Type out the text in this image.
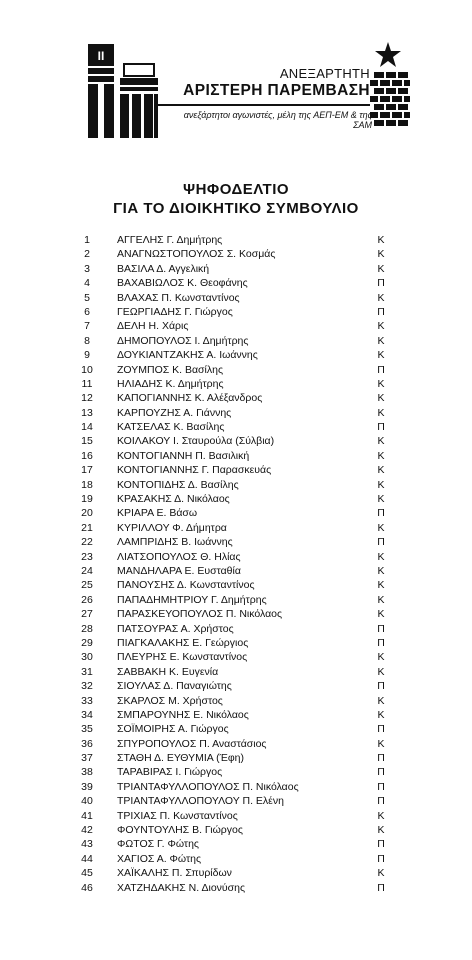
II
ΑΝΕΞΑΡΤΗΤΗ
ΑΡΙΣΤΕΡΗ ΠΑΡΕΜΒΑΣΗ
ανεξάρτητοι αγωνιστές, μέλη της ΑΕΠ-ΕΜ & της ΣΑΜ
ΨΗΦΟΔΕΛΤΙΟ
ΓΙΑ ΤΟ ΔΙΟΙΚΗΤΙΚΟ ΣΥΜΒΟΥΛΙΟ
1	ΑΓΓΕΛΗΣ Γ. Δημήτρης	Κ
2	ΑΝΑΓΝΩΣΤΟΠΟΥΛΟΣ Σ. Κοσμάς	Κ
3	ΒΑΣΙΛΑ Δ. Αγγελική	Κ
4	ΒΑΧΑΒΙΩΛΟΣ Κ. Θεοφάνης	Π
5	ΒΛΑΧΑΣ Π. Κωνσταντίνος	Κ
6	ΓΕΩΡΓΙΑΔΗΣ Γ. Γιώργος	Π
7	ΔΕΛΗ Η. Χάρις	Κ
8	ΔΗΜΟΠΟΥΛΟΣ Ι. Δημήτρης	Κ
9	ΔΟΥΚΙΑΝΤΖΑΚΗΣ Α. Ιωάννης	Κ
10	ΖΟΥΜΠΟΣ Κ. Βασίλης	Π
11	ΗΛΙΑΔΗΣ Κ. Δημήτρης	Κ
12	ΚΑΠΟΓΙΑΝΝΗΣ Κ. Αλέξανδρος	Κ
13	ΚΑΡΠΟΥΖΗΣ Α. Γιάννης	Κ
14	ΚΑΤΣΕΛΑΣ Κ. Βασίλης	Π
15	ΚΟΙΛΑΚΟΥ Ι. Σταυρούλα (Σύλβια)	Κ
16	ΚΟΝΤΟΓΙΑΝΝΗ Π. Βασιλική	Κ
17	ΚΟΝΤΟΓΙΑΝΝΗΣ Γ. Παρασκευάς	Κ
18	ΚΟΝΤΟΠΙΔΗΣ Δ. Βασίλης	Κ
19	ΚΡΑΣΑΚΗΣ Δ. Νικόλαος	Κ
20	ΚΡΙΑΡΑ Ε. Βάσω	Π
21	ΚΥΡΙΛΛΟΥ Φ. Δήμητρα	Κ
22	ΛΑΜΠΡΙΔΗΣ Β. Ιωάννης	Π
23	ΛΙΑΤΣΟΠΟΥΛΟΣ Θ. Ηλίας	Κ
24	ΜΑΝΔΗΛΑΡΑ Ε. Ευσταθία	Κ
25	ΠΑΝΟΥΣΗΣ Δ. Κωνσταντίνος	Κ
26	ΠΑΠΑΔΗΜΗΤΡΙΟΥ Γ. Δημήτρης	Κ
27	ΠΑΡΑΣΚΕΥΟΠΟΥΛΟΣ Π. Νικόλαος	Κ
28	ΠΑΤΣΟΥΡΑΣ Α. Χρήστος	Π
29	ΠΙΑΓΚΑΛΑΚΗΣ Ε. Γεώργιος	Π
30	ΠΛΕΥΡΗΣ Ε. Κωνσταντίνος	Κ
31	ΣΑΒΒΑΚΗ Κ. Ευγενία	Κ
32	ΣΙΟΥΛΑΣ Δ. Παναγιώτης	Π
33	ΣΚΑΡΛΟΣ Μ. Χρήστος	Κ
34	ΣΜΠΑΡΟΥΝΗΣ Ε. Νικόλαος	Κ
35	ΣΟΪΜΟΙΡΗΣ Α. Γιώργος	Π
36	ΣΠΥΡΟΠΟΥΛΟΣ Π. Αναστάσιος	Κ
37	ΣΤΑΘΗ Δ. ΕΥΘΥΜΙΑ (Έφη)	Π
38	ΤΑΡΑΒΙΡΑΣ Ι. Γιώργος	Π
39	ΤΡΙΑΝΤΑΦΥΛΛΟΠΟΥΛΟΣ Π. Νικόλαος	Π
40	ΤΡΙΑΝΤΑΦΥΛΛΟΠΟΥΛΟΥ Π. Ελένη	Π
41	ΤΡΙΧΙΑΣ Π. Κωνσταντίνος	Κ
42	ΦΟΥΝΤΟΥΛΗΣ Β. Γιώργος	Κ
43	ΦΩΤΟΣ Γ. Φώτης	Π
44	ΧΑΓΙΟΣ Α. Φώτης	Π
45	ΧΑΪΚΑΛΗΣ Π. Σπυρίδων	Κ
46	ΧΑΤΖΗΔΑΚΗΣ Ν. Διονύσης	Π
